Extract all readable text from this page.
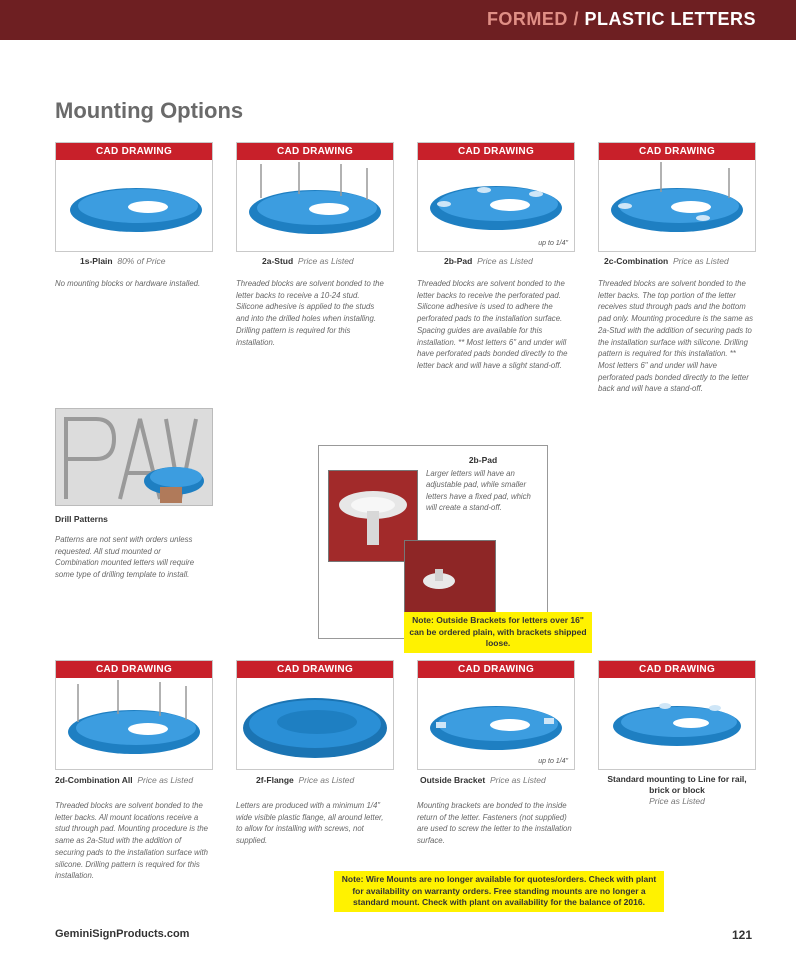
FORMED / PLASTIC LETTERS
Mounting Options
CAD DRAWING	CAD DRAWING	CAD DRAWING
up to 1/4"
CAD DRAWING
1s-Plain 80% of Price
No mounting blocks or hardware installed.
2a-Stud Price as Listed
Threaded blocks are solvent bonded to the letter backs to receive a 10-24 stud. Silicone adhesive is applied to the studs and into the drilled holes when installing. Drilling pattern is required for this installation.
2b-Pad Price as Listed
Threaded blocks are solvent bonded to the letter backs to receive the perforated pad. Silicone adhesive is used to adhere the perforated pads to the installation surface. Spacing guides are available for this installation. ** Most letters 6" and under will have perforated pads bonded directly to the letter back and will have a slight stand-off.
2c-Combination Price as Listed
Threaded blocks are solvent bonded to the letter backs. The top portion of the letter receives stud through pads and the bottom pad only. Mounting procedure is the same as 2a-Stud with the addition of securing pads to the installation surface with silicone. Drilling pattern is required for this installation. ** Most letters 6" and under will have perforated pads bonded directly to the letter back and will have a stand-off.
Drill Patterns
Patterns are not sent with orders unless requested. All stud mounted or Combination mounted letters will require some type of drilling template to install.
2b-Pad
Larger letters will have an adjustable pad, while smaller letters have a fixed pad, which will create a stand-off.
Note: Outside Brackets for letters over 16" can be ordered plain, with brackets shipped loose.
CAD DRAWING	CAD DRAWING	CAD DRAWING
up to 1/4"
CAD DRAWING
2d-Combination All Price as Listed
Threaded blocks are solvent bonded to the letter backs. All mount locations receive a stud through pad. Mounting procedure is the same as 2a-Stud with the addition of securing pads to the installation surface with silicone. Drilling pattern is required for this installation.
2f-Flange Price as Listed
Letters are produced with a minimum 1/4" wide visible plastic flange, all around letter, to allow for installing with screws, not supplied.
Outside Bracket Price as Listed
Mounting brackets are bonded to the inside return of the letter. Fasteners (not supplied) are used to screw the letter to the installation surface.
Standard mounting to Line for rail, brick or block
Price as Listed
Note: Wire Mounts are no longer available for quotes/orders. Check with plant for availability on warranty orders. Free standing mounts are no longer a standard mount. Check with plant on availability for the balance of 2016.
GeminiSignProducts.com	121
